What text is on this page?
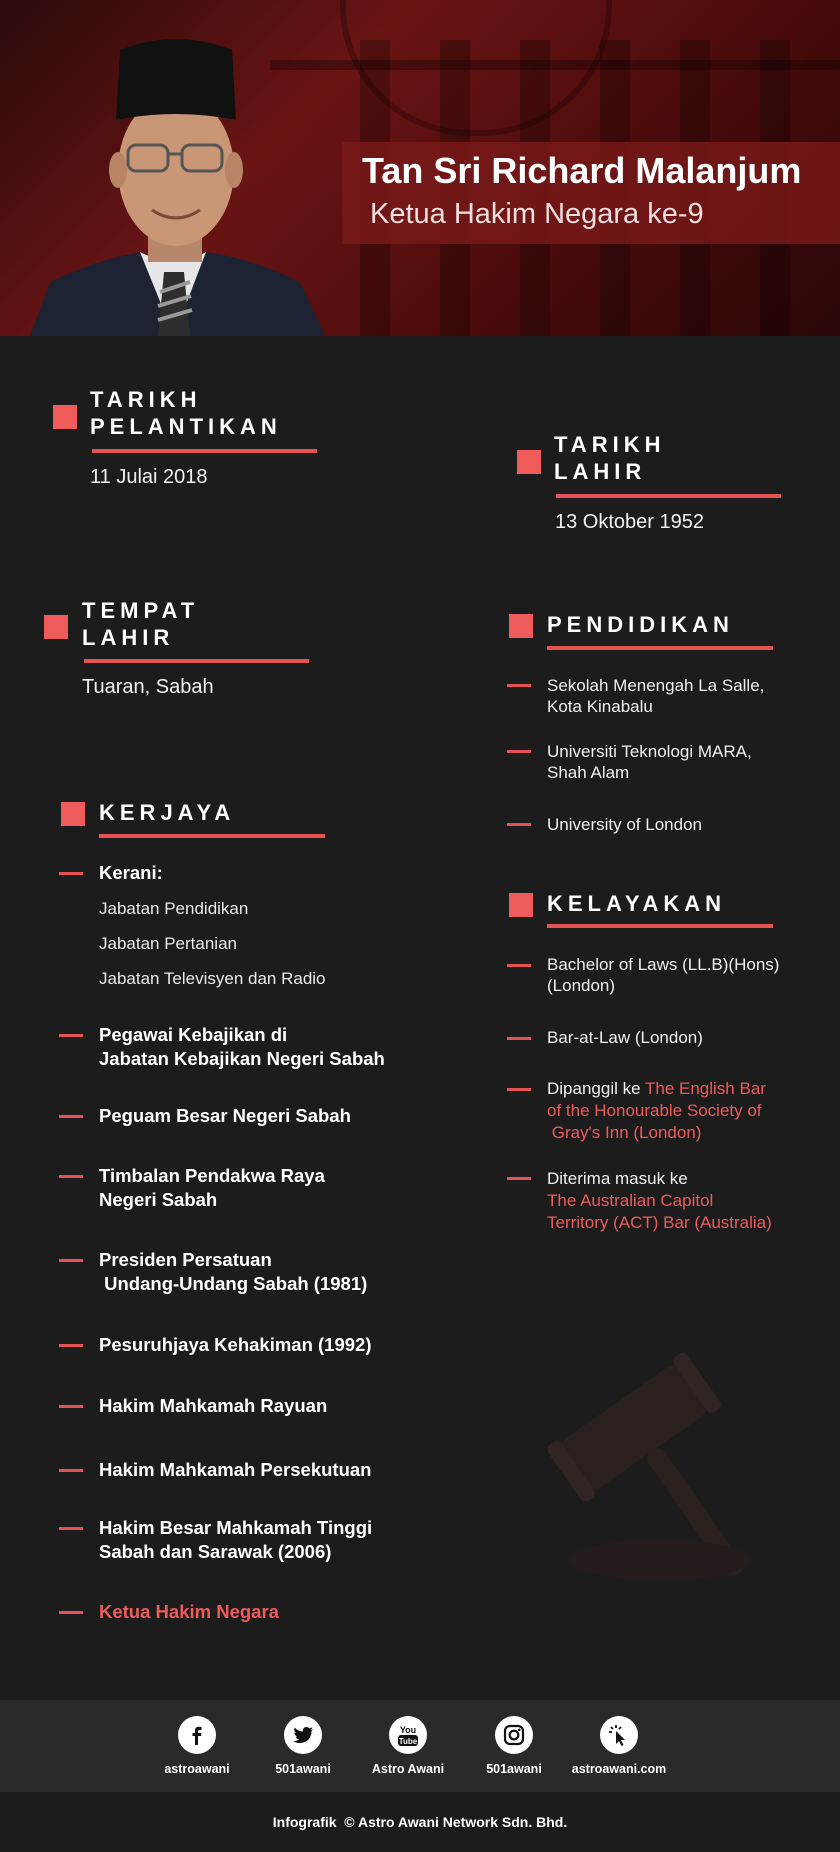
Tan Sri Richard Malanjum
Ketua Hakim Negara ke-9
TARIKH
PELANTIKAN
11 Julai 2018
TARIKH
LAHIR
13 Oktober 1952
TEMPAT
LAHIR
Tuaran, Sabah
PENDIDIKAN
Sekolah Menengah La Salle,
Kota Kinabalu
Universiti Teknologi MARA,
Shah Alam
University of London
KELAYAKAN
Bachelor of Laws (LL.B)(Hons)
(London)
Bar-at-Law (London)
Dipanggil ke The English Bar
of the Honourable Society of
Gray's Inn (London)
Diterima masuk ke
The Australian Capitol
Territory (ACT) Bar (Australia)
KERJAYA
Kerani:
Jabatan Pendidikan
Jabatan Pertanian
Jabatan Televisyen dan Radio
Pegawai Kebajikan di
Jabatan Kebajikan Negeri Sabah
Peguam Besar Negeri Sabah
Timbalan Pendakwa Raya
Negeri Sabah
Presiden Persatuan
Undang-Undang Sabah (1981)
Pesuruhjaya Kehakiman (1992)
Hakim Mahkamah Rayuan
Hakim Mahkamah Persekutuan
Hakim Besar Mahkamah Tinggi
Sabah dan Sarawak (2006)
Ketua Hakim Negara
astroawani	501awani
You
Tube
Astro Awani	501awani	astroawani.com
Infografik  © Astro Awani Network Sdn. Bhd.
